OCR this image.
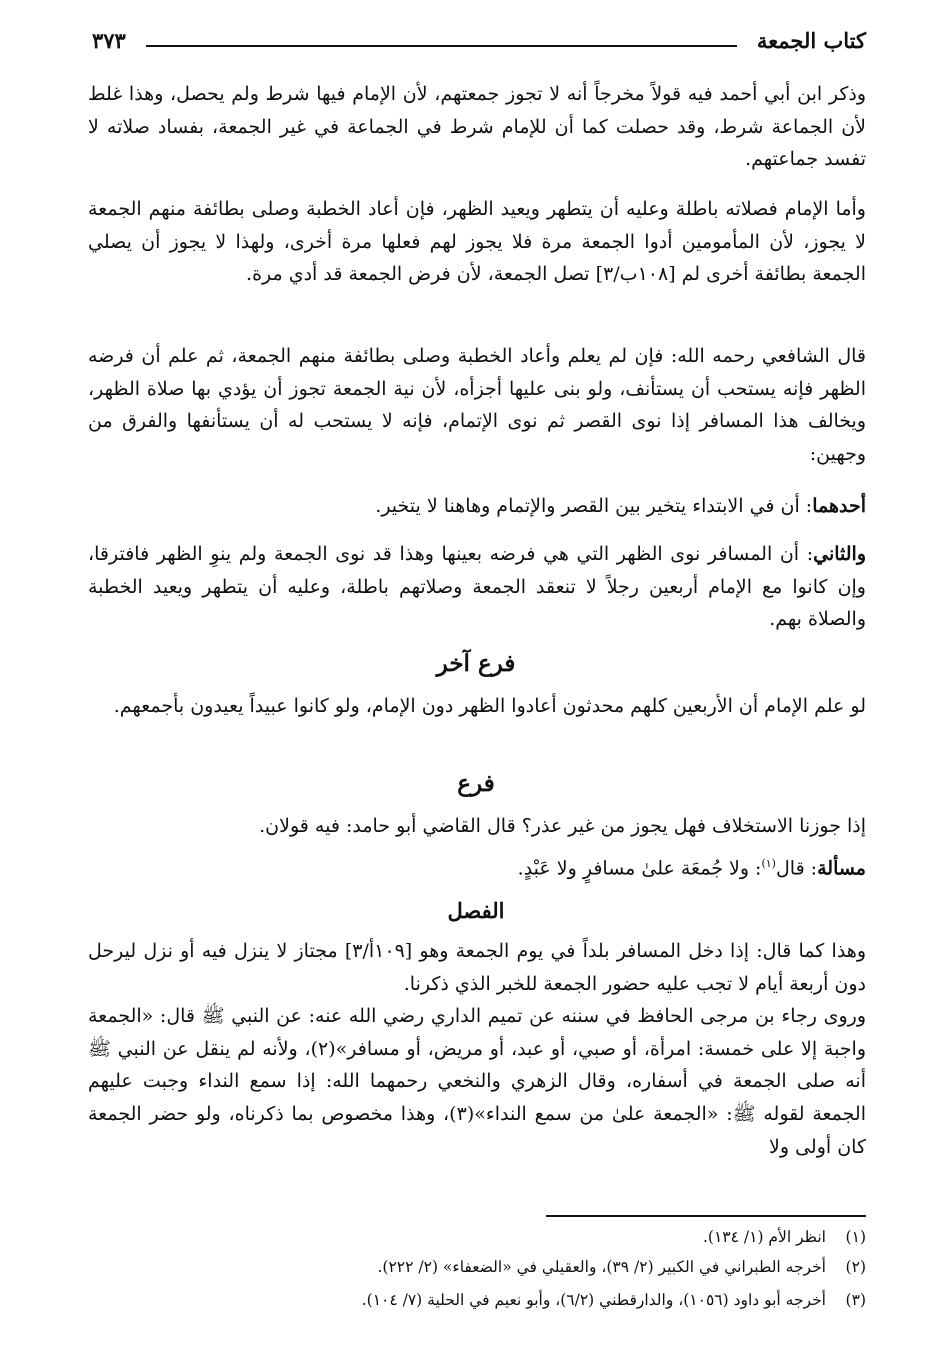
كتاب الجمعة
٣٧٣
وذكر ابن أبي أحمد فيه قولاً مخرجاً أنه لا تجوز جمعتهم، لأن الإمام فيها شرط ولم يحصل، وهذا غلط لأن الجماعة شرط، وقد حصلت كما أن للإمام شرط في الجماعة في غير الجمعة، بفساد صلاته لا تفسد جماعتهم.
وأما الإمام فصلاته باطلة وعليه أن يتطهر ويعيد الظهر، فإن أعاد الخطبة وصلى بطائفة منهم الجمعة لا يجوز، لأن المأمومين أدوا الجمعة مرة فلا يجوز لهم فعلها مرة أخرى، ولهذا لا يجوز أن يصلي الجمعة بطائفة أخرى لم [١٠٨ب/٣] تصل الجمعة، لأن فرض الجمعة قد أدي مرة.
قال الشافعي رحمه الله: فإن لم يعلم وأعاد الخطبة وصلى بطائفة منهم الجمعة، ثم علم أن فرضه الظهر فإنه يستحب أن يستأنف، ولو بنى عليها أجزأه، لأن نية الجمعة تجوز أن يؤدي بها صلاة الظهر، ويخالف هذا المسافر إذا نوى القصر ثم نوى الإتمام، فإنه لا يستحب له أن يستأنفها والفرق من وجهين:
أحدهما: أن في الابتداء يتخير بين القصر والإتمام وهاهنا لا يتخير.
والثاني: أن المسافر نوى الظهر التي هي فرضه بعينها وهذا قد نوى الجمعة ولم ينوِ الظهر فافترقا، وإن كانوا مع الإمام أربعين رجلاً لا تنعقد الجمعة وصلاتهم باطلة، وعليه أن يتطهر ويعيد الخطبة والصلاة بهم.
فرع آخر
لو علم الإمام أن الأربعين كلهم محدثون أعادوا الظهر دون الإمام، ولو كانوا عبيداً يعيدون بأجمعهم.
فرع
إذا جوزنا الاستخلاف فهل يجوز من غير عذر؟ قال القاضي أبو حامد: فيه قولان.
مسألة: قال$^{(١)}$: ولا جُمعَة علىٰ مسافرٍ ولا عَبْدٍ.
الفصل
وهذا كما قال: إذا دخل المسافر بلداً في يوم الجمعة وهو [١٠٩أ/٣] مجتاز لا ينزل فيه أو نزل ليرحل دون أربعة أيام لا تجب عليه حضور الجمعة للخبر الذي ذكرنا.
وروى رجاء بن مرجى الحافظ في سننه عن تميم الداري رضي الله عنه: عن النبي ﷺ قال: «الجمعة واجبة إلا على خمسة: امرأة، أو صبي، أو عبد، أو مريض، أو مسافر»(٢)، ولأنه لم ينقل عن النبي ﷺ أنه صلى الجمعة في أسفاره، وقال الزهري والنخعي رحمهما الله: إذا سمع النداء وجبت عليهم الجمعة لقوله ﷺ: «الجمعة علىٰ من سمع النداء»(٣)، وهذا مخصوص بما ذكرناه، ولو حضر الجمعة كان أولى ولا
(١)انظر الأم (١/ ١٣٤).
(٢)أخرجه الطبراني في الكبير (٢/ ٣٩)، والعقيلي في «الضعفاء» (٢/ ٢٢٢).
(٣)أخرجه أبو داود (١٠٥٦)، والدارقطني (٦/٢)، وأبو نعيم في الحلية (٧/ ١٠٤).
